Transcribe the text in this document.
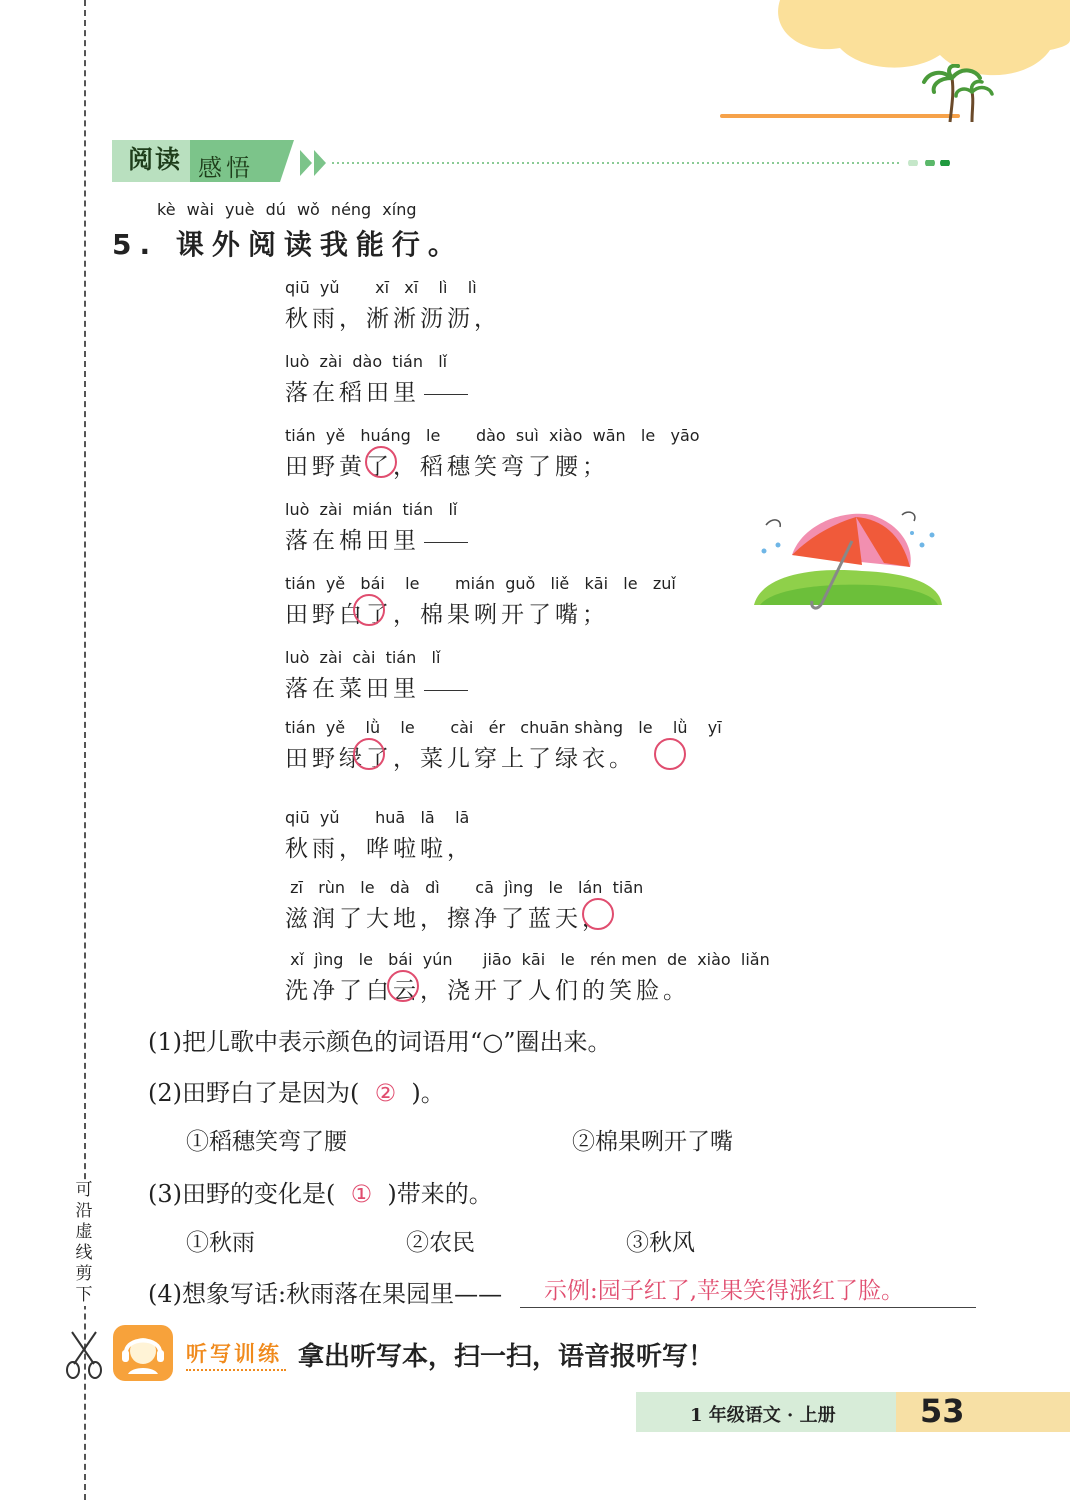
可沿虚线剪下
阅读 感悟
kè wài yuè dú wǒ néng xíng
5. 课外阅读我能行。
qiū  yǔ       xī   xī    lì    lì
秋雨，淅淅沥沥，
luò  zài  dào  tián   lǐ
落在稻田里
tián  yě   huáng   le       dào  suì  xiào  wān   le   yāo
田野黄了，稻穗笑弯了腰；
luò  zài  mián  tián   lǐ
落在棉田里
tián  yě   bái    le       mián  guǒ   liě   kāi   le   zuǐ
田野白了，棉果咧开了嘴；
luò  zài  cài  tián   lǐ
落在菜田里
tián  yě    lǜ    le       cài   ér   chuān shàng   le    lǜ    yī
田野绿了，菜儿穿上了绿衣。
qiū  yǔ       huā   lā    lā
秋雨，哗啦啦，
zī   rùn   le   dà   dì       cā  jìng   le   lán  tiān
滋润了大地，擦净了蓝天，
xǐ  jìng   le   bái  yún      jiāo  kāi   le   rén men  de  xiào  liǎn
洗净了白云，浇开了人们的笑脸。
(1)把儿歌中表示颜色的词语用“○”圈出来。
(2)田野白了是因为( ② )。
①稻穗笑弯了腰	②棉果咧开了嘴
(3)田野的变化是( ① )带来的。
①秋雨	②农民	③秋风
(4)想象写话:秋雨落在果园里——	示例:园子红了,苹果笑得涨红了脸。
听写训练 拿出听写本，扫一扫，语音报听写！
1 年级语文 · 上册	53
